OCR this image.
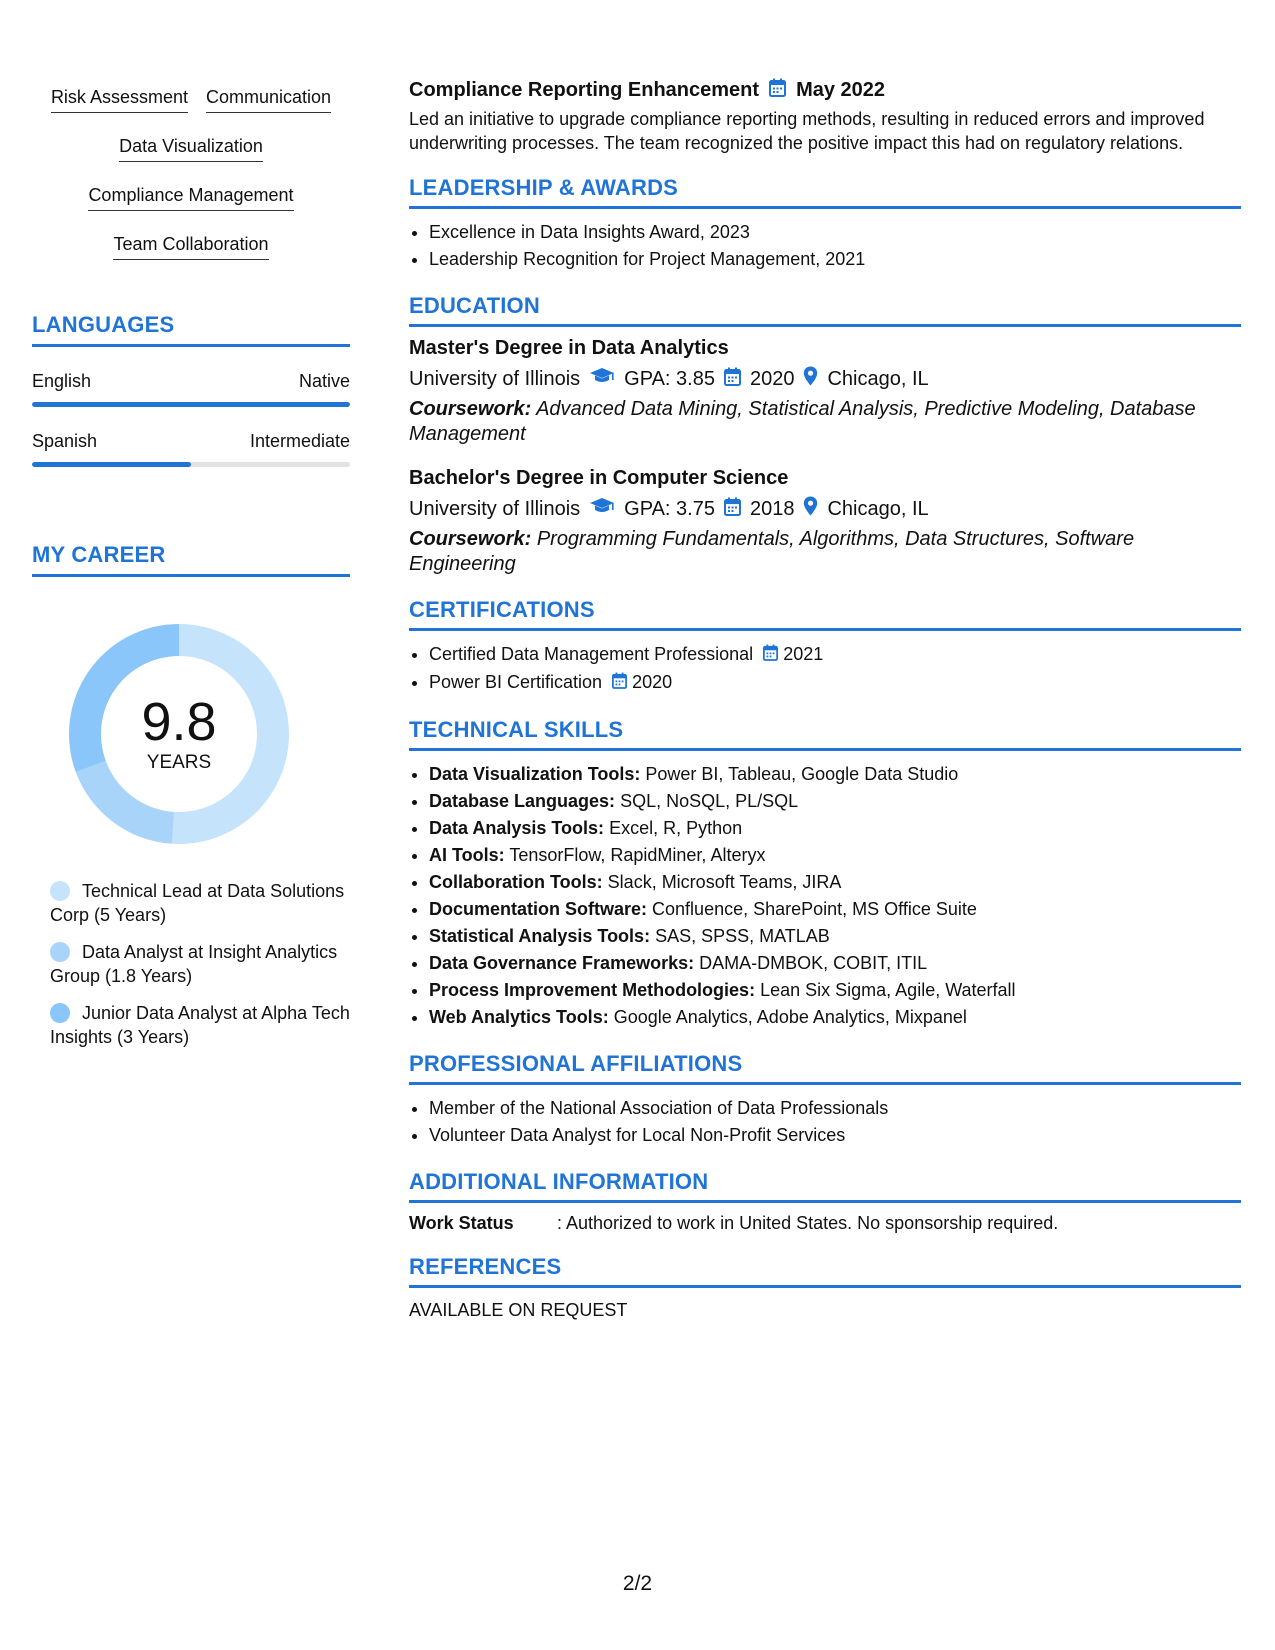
Risk Assessment Communication
Data Visualization
Compliance Management
Team Collaboration
LANGUAGES
English	Native
Spanish	Intermediate
MY CAREER
9.8
YEARS
Technical Lead at Data Solutions Corp (5 Years)
Data Analyst at Insight Analytics Group (1.8 Years)
Junior Data Analyst at Alpha Tech Insights (3 Years)
Compliance Reporting Enhancement May 2022
Led an initiative to upgrade compliance reporting methods, resulting in reduced errors and improved underwriting processes. The team recognized the positive impact this had on regulatory relations.
LEADERSHIP & AWARDS
• Excellence in Data Insights Award, 2023
• Leadership Recognition for Project Management, 2021
EDUCATION
Master's Degree in Data Analytics
University of Illinois GPA: 3.85 2020 Chicago, IL
Coursework: Advanced Data Mining, Statistical Analysis, Predictive Modeling, Database Management
Bachelor's Degree in Computer Science
University of Illinois GPA: 3.75 2018 Chicago, IL
Coursework: Programming Fundamentals, Algorithms, Data Structures, Software Engineering
CERTIFICATIONS
• Certified Data Management Professional 2021
• Power BI Certification 2020
TECHNICAL SKILLS
• Data Visualization Tools: Power BI, Tableau, Google Data Studio
• Database Languages: SQL, NoSQL, PL/SQL
• Data Analysis Tools: Excel, R, Python
• AI Tools: TensorFlow, RapidMiner, Alteryx
• Collaboration Tools: Slack, Microsoft Teams, JIRA
• Documentation Software: Confluence, SharePoint, MS Office Suite
• Statistical Analysis Tools: SAS, SPSS, MATLAB
• Data Governance Frameworks: DAMA-DMBOK, COBIT, ITIL
• Process Improvement Methodologies: Lean Six Sigma, Agile, Waterfall
• Web Analytics Tools: Google Analytics, Adobe Analytics, Mixpanel
PROFESSIONAL AFFILIATIONS
• Member of the National Association of Data Professionals
• Volunteer Data Analyst for Local Non-Profit Services
ADDITIONAL INFORMATION
Work Status	: Authorized to work in United States. No sponsorship required.
REFERENCES
AVAILABLE ON REQUEST
2/2
